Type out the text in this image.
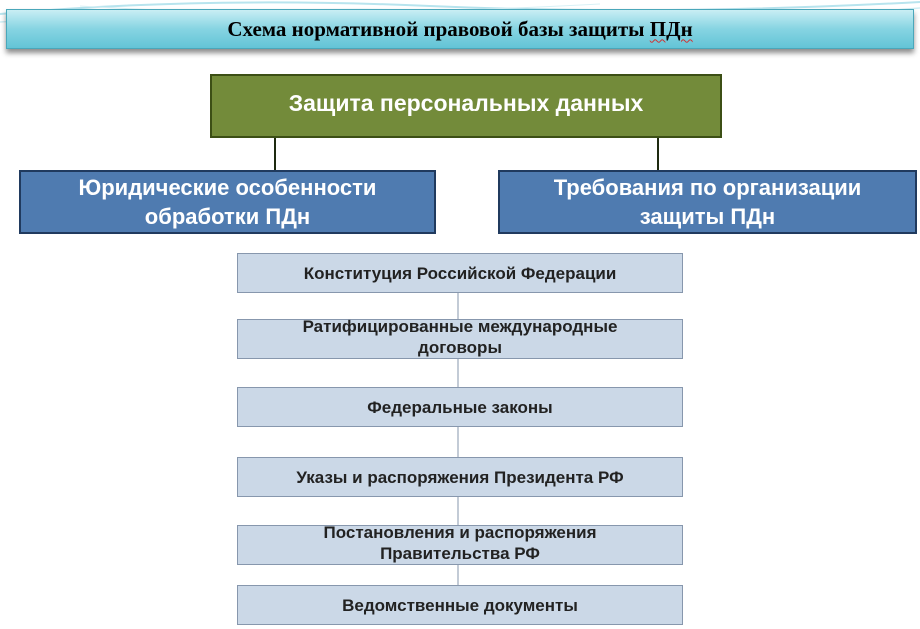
Схема нормативной правовой базы защиты ПДн
Защита персональных данных
Юридические особенности
обработки ПДн
Требования по организации
защиты ПДн
Конституция Российской Федерации
Ратифицированные международные
договоры
Федеральные законы
Указы и распоряжения Президента РФ
Постановления и распоряжения
Правительства РФ
Ведомственные документы
